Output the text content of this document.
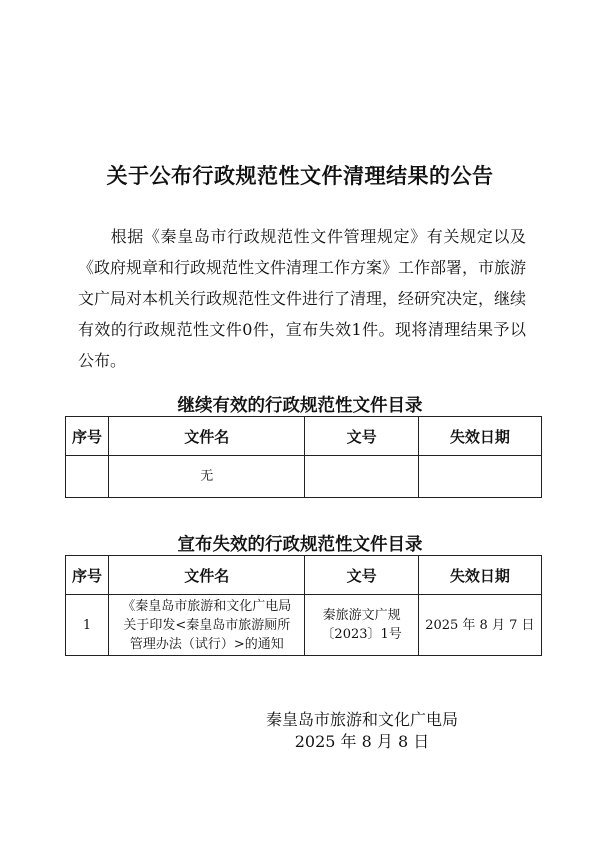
关于公布行政规范性文件清理结果的公告
根据《秦皇岛市行政规范性文件管理规定》有关规定以及《政府规章和行政规范性文件清理工作方案》工作部署，市旅游文广局对本机关行政规范性文件进行了清理，经研究决定，继续有效的行政规范性文件0件，宣布失效1件。现将清理结果予以公布。
继续有效的行政规范性文件目录
序号	文件名	文号	失效日期
	无		
宣布失效的行政规范性文件目录
序号	文件名	文号	失效日期
1	《秦皇岛市旅游和文化广电局关于印发<秦皇岛市旅游厕所管理办法（试行）>的通知	秦旅游文广规〔2023〕1号	2025 年 8 月 7 日
秦皇岛市旅游和文化广电局
2025 年 8 月 8 日
